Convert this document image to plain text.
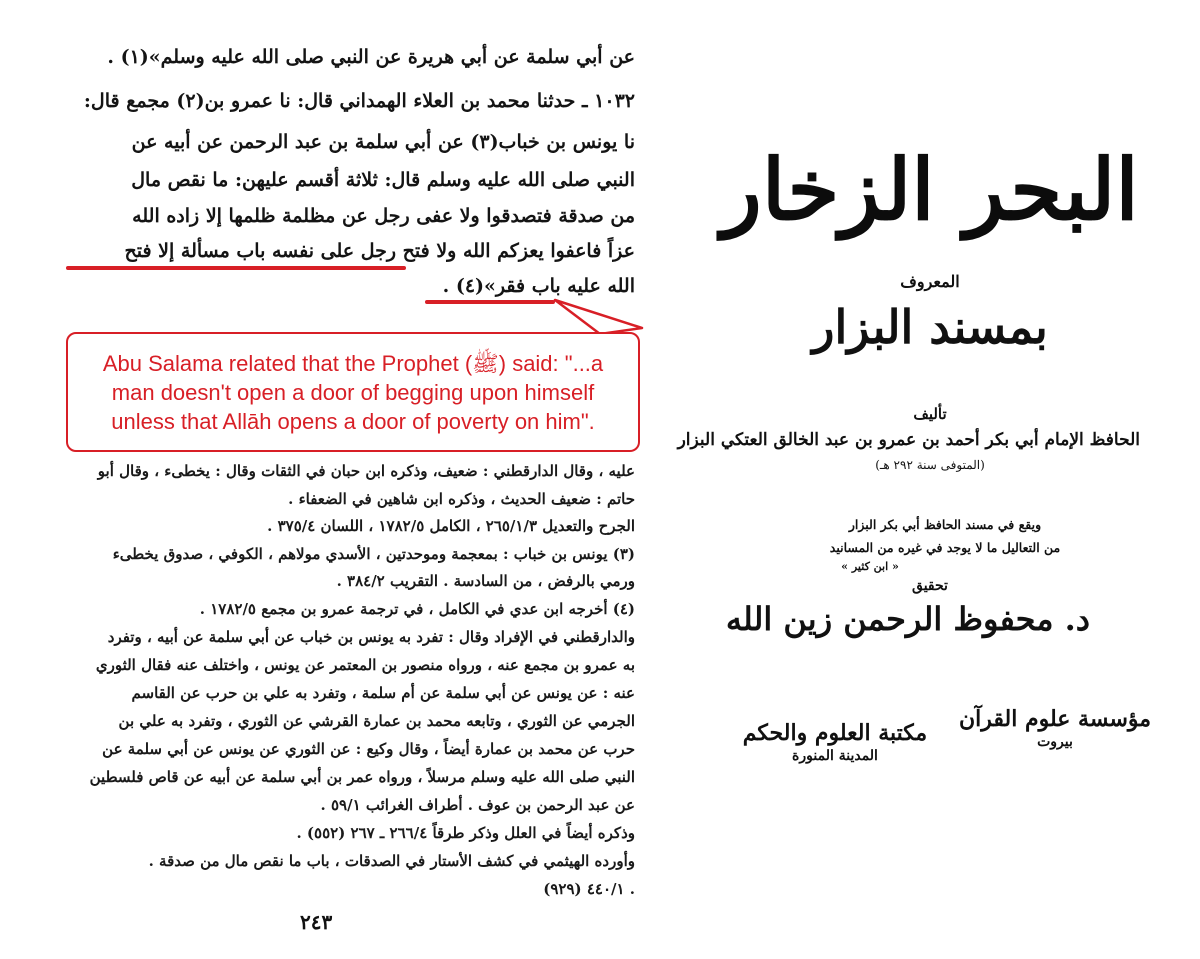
عن أبي سلمة عن أبي هريرة عن النبي صلى الله عليه وسلم»(١) .
١٠٣٢ ـ حدثنا محمد بن العلاء الهمداني قال: نا عمرو بن(٢) مجمع قال:
نا يونس بن خباب(٣) عن أبي سلمة بن عبد الرحمن عن أبيه عن
النبي صلى الله عليه وسلم قال: ثلاثة أقسم عليهن: ما نقص مال
من صدقة فتصدقوا ولا عفى رجل عن مظلمة ظلمها إلا زاده الله
عزاً فاعفوا يعزكم الله ولا فتح رجل على نفسه باب مسألة إلا فتح
الله عليه باب فقر»(٤) .
عليه ، وقال الدارقطني : ضعيف، وذكره ابن حبان في الثقات وقال : يخطىء ، وقال أبو
حاتم : ضعيف الحديث ، وذكره ابن شاهين في الضعفاء .
الجرح والتعديل ٢٦٥/١/٣ ، الكامل ١٧٨٢/٥ ، اللسان ٣٧٥/٤ .
(٣) يونس بن خباب : بمعجمة وموحدتين ، الأسدي مولاهم ، الكوفي ، صدوق يخطىء
ورمي بالرفض ، من السادسة . التقريب ٣٨٤/٢ .
(٤) أخرجه ابن عدي في الكامل ، في ترجمة عمرو بن مجمع ١٧٨٢/٥ .
والدارقطني في الإفراد وقال : تفرد به يونس بن خباب عن أبي سلمة عن أبيه ، وتفرد
به عمرو بن مجمع عنه ، ورواه منصور بن المعتمر عن يونس ، واختلف عنه فقال الثوري
عنه : عن يونس عن أبي سلمة عن أم سلمة ، وتفرد به علي بن حرب عن القاسم
الجرمي عن الثوري ، وتابعه محمد بن عمارة القرشي عن الثوري ، وتفرد به علي بن
حرب عن محمد بن عمارة أيضاً ، وقال وكيع : عن الثوري عن يونس عن أبي سلمة عن
النبي صلى الله عليه وسلم مرسلاً ، ورواه عمر بن أبي سلمة عن أبيه عن قاص فلسطين
عن عبد الرحمن بن عوف . أطراف الغرائب ٥٩/١ .
وذكره أيضاً في العلل وذكر طرقاً ٢٦٦/٤ ـ ٢٦٧ (٥٥٢) .
وأورده الهيثمي في كشف الأستار في الصدقات ، باب ما نقص مال من صدقة .
٤٤٠/١ (٩٢٩) .
٢٤٣
Abu Salama related that the Prophet (ﷺ) said: "...a man doesn't open a door of begging upon himself unless that Allāh opens a door of poverty on him".
البحر الزخار
المعروف
بمسند البزار
تأليف
الحافظ الإمام أبي بكر أحمد بن عمرو بن عبد الخالق العتكي البزار
(المتوفى سنة ٢٩٢ هـ)
ويقع في مسند الحافظ أبي بكر البزار
من التعاليل ما لا يوجد في غيره من المسانيد
« ابن كثير »
تحقيق
د. محفوظ الرحمن زين الله
مؤسسة علوم القرآن
بيروت
مكتبة العلوم والحكم
المدينة المنورة
